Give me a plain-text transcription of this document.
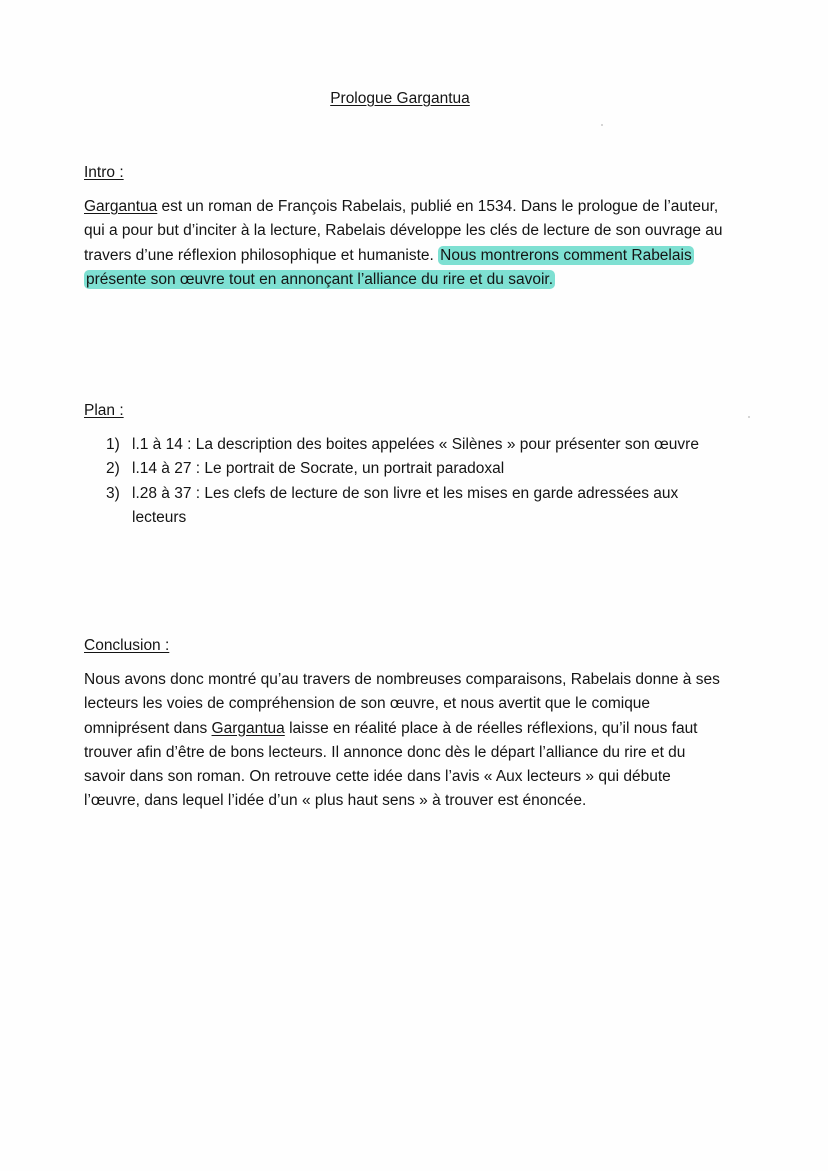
Prologue Gargantua
Intro :

Gargantua est un roman de François Rabelais, publié en 1534. Dans le prologue de l’auteur, qui a pour but d’inciter à la lecture, Rabelais développe les clés de lecture de son ouvrage au travers d’une réflexion philosophique et humaniste. Nous montrerons comment Rabelais présente son œuvre tout en annonçant l’alliance du rire et du savoir.

Plan :
1) l.1 à 14 : La description des boites appelées « Silènes » pour présenter son œuvre
2) l.14 à 27 : Le portrait de Socrate, un portrait paradoxal
3) l.28 à 37 : Les clefs de lecture de son livre et les mises en garde adressées aux lecteurs
Conclusion :

Nous avons donc montré qu’au travers de nombreuses comparaisons, Rabelais donne à ses lecteurs les voies de compréhension de son œuvre, et nous avertit que le comique omniprésent dans Gargantua laisse en réalité place à de réelles réflexions, qu’il nous faut trouver afin d’être de bons lecteurs. Il annonce donc dès le départ l’alliance du rire et du savoir dans son roman. On retrouve cette idée dans l’avis « Aux lecteurs » qui débute l’œuvre, dans lequel l’idée d’un « plus haut sens » à trouver est énoncée.
